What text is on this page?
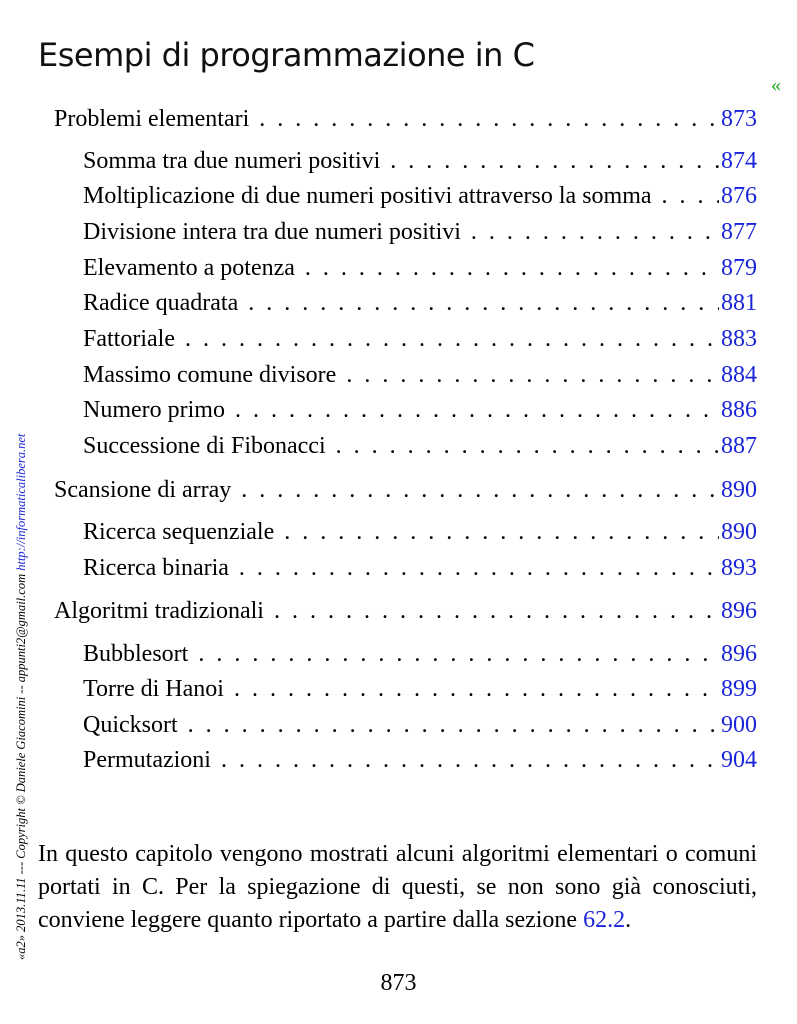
Esempi di programmazione in C
«
Problemi elementari . . .	873
Somma tra due numeri positivi . . .	874
Moltiplicazione di due numeri positivi attraverso la somma . . .	876
Divisione intera tra due numeri positivi . . .	877
Elevamento a potenza . . .	879
Radice quadrata . . .	881
Fattoriale . . .	883
Massimo comune divisore . . .	884
Numero primo . . .	886
Successione di Fibonacci . . .	887
Scansione di array . . .	890
Ricerca sequenziale . . .	890
Ricerca binaria . . .	893
Algoritmi tradizionali . . .	896
Bubblesort . . .	896
Torre di Hanoi . . .	899
Quicksort . . .	900
Permutazioni . . .	904
«a2» 2013.11.11 --- Copyright © Daniele Giacomini -- appunti2@gmail.com http://informaticalibera.net

In questo capitolo vengono mostrati alcuni algoritmi elementari o comuni portati in C. Per la spiegazione di questi, se non sono già conosciuti, conviene leggere quanto riportato a partire dalla sezione 62.2.

873
